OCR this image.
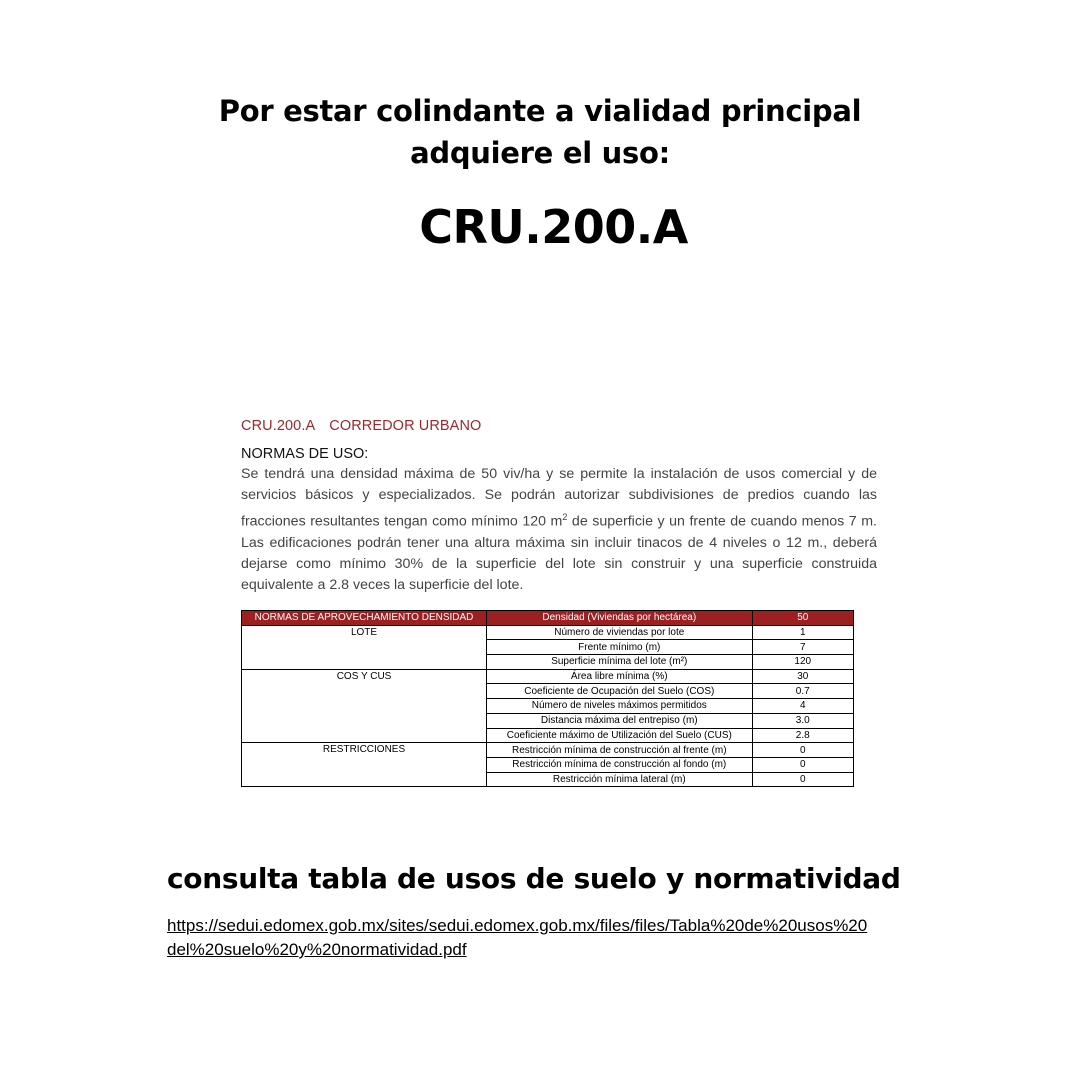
Por estar colindante a vialidad principal
adquiere el uso:
CRU.200.A

CRU.200.A CORREDOR URBANO

NORMAS DE USO:

Se tendrá una densidad máxima de 50 viv/ha y se permite la instalación de usos comercial y de servicios básicos y especializados. Se podrán autorizar subdivisiones de predios cuando las fracciones resultantes tengan como mínimo 120 $m^2$ de superficie y un frente de cuando menos 7 m. Las edificaciones podrán tener una altura máxima sin incluir tinacos de 4 niveles o 12 m., deberá dejarse como mínimo 30% de la superficie del lote sin construir y una superficie construida equivalente a 2.8 veces la superficie del lote.

NORMAS DE APROVECHAMIENTO DENSIDAD	Densidad (Viviendas por hectárea)	50
LOTE	Número de viviendas por lote	1
	Frente mínimo (m)	7
	Superficie mínima del lote (m²)	120
COS Y CUS	Área libre mínima (%)	30
	Coeficiente de Ocupación del Suelo (COS)	0.7
	Número de niveles máximos permitidos	4
	Distancia máxima del entrepiso (m)	3.0
	Coeficiente máximo de Utilización del Suelo (CUS)	2.8
RESTRICCIONES	Restricción mínima de construcción al frente (m)	0
	Restricción mínima de construcción al fondo (m)	0
	Restricción mínima lateral (m)	0
consulta tabla de usos de suelo y normatividad
https://sedui.edomex.gob.mx/sites/sedui.edomex.gob.mx/files/files/Tabla%20de%20usos%20
del%20suelo%20y%20normatividad.pdf
